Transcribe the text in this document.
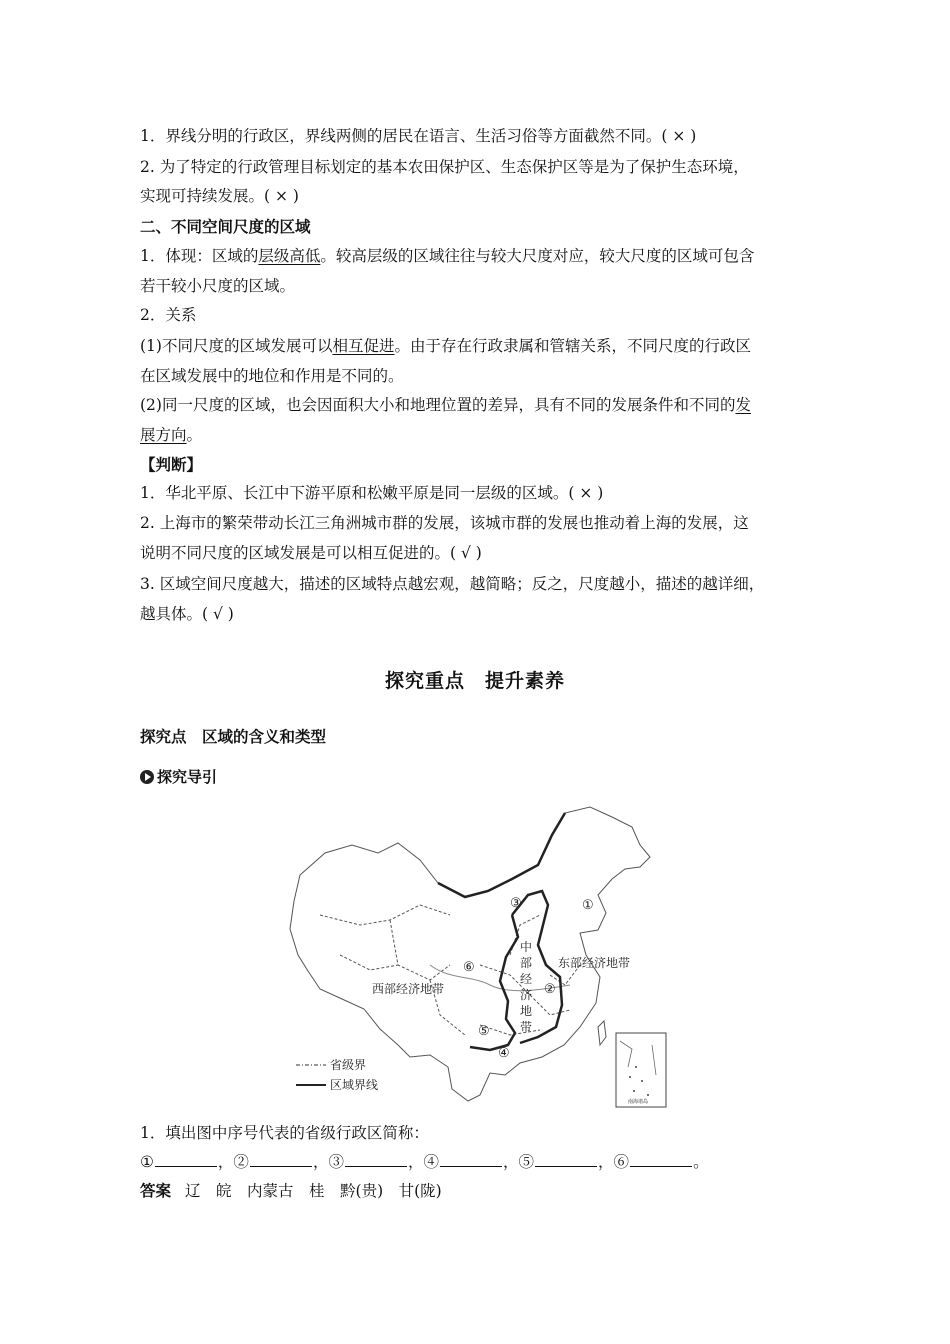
1．界线分明的行政区，界线两侧的居民在语言、生活习俗等方面截然不同。( × )
2. 为了特定的行政管理目标划定的基本农田保护区、生态保护区等是为了保护生态环境，
实现可持续发展。( × )
二、不同空间尺度的区域
1．体现：区域的层级高低。较高层级的区域往往与较大尺度对应，较大尺度的区域可包含
若干较小尺度的区域。
2．关系
(1)不同尺度的区域发展可以相互促进。由于存在行政隶属和管辖关系，不同尺度的行政区
在区域发展中的地位和作用是不同的。
(2)同一尺度的区域，也会因面积大小和地理位置的差异，具有不同的发展条件和不同的发
展方向。
【判断】
1．华北平原、长江中下游平原和松嫩平原是同一层级的区域。( × )
2. 上海市的繁荣带动长江三角洲城市群的发展，该城市群的发展也推动着上海的发展，这
说明不同尺度的区域发展是可以相互促进的。( √ )
3. 区域空间尺度越大，描述的区域特点越宏观，越简略；反之，尺度越小，描述的越详细，
越具体。( √ )
探究重点　提升素养
探究点　区域的含义和类型
探究导引
①
②
③
④
⑤
⑥
西部经济地带
东部经济地带
中
部
经
济
地
带
省级界
区域界线
南海诸岛
1．填出图中序号代表的省级行政区简称：
①	，②	，③	，④	，⑤	，⑥	。
答案 辽　皖　内蒙古　桂　黔(贵)　甘(陇)
